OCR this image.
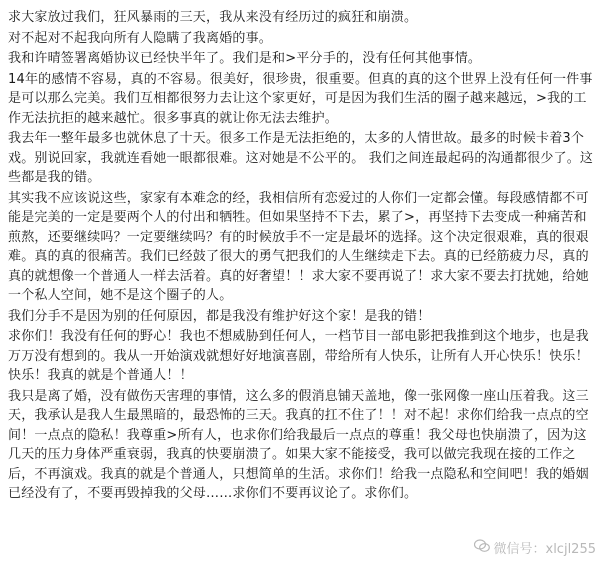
求大家放过我们，狂风暴雨的三天，我从来没有经历过的疯狂和崩溃。

对不起对不起我向所有人隐瞒了我离婚的事。

我和许晴签署离婚协议已经快半年了。我们是和>平分手的，没有任何其他事情。

14年的感情不容易，真的不容易。很美好，很珍贵，很重要。但真的真的这个世界上没有任何一件事是可以那么完美。我们互相都很努力去让这个家更好，可是因为我们生活的圈子越来越远，>我的工作无法抗拒的越来越忙。很多事真的就让你无法去维护。

我去年一整年最多也就休息了十天。很多工作是无法拒绝的，太多的人情世故。最多的时候卡着3个戏。别说回家，我就连看她一眼都很难。这对她是不公平的。 我们之间连最起码的沟通都很少了。这些都是我的错。

其实我不应该说这些，家家有本难念的经，我相信所有恋爱过的人你们一定都会懂。每段感情都不可能是完美的一定是要两个人的付出和牺牲。但如果坚持不下去，累了>，再坚持下去变成一种痛苦和煎熬，还要继续吗？一定要继续吗？有的时候放手不一定是最坏的选择。这个决定很艰难，真的很艰难。真的真的很痛苦。我们已经鼓了很大的勇气把我们的人生继续走下去。真的已经筋疲力尽，真的真的就想像一个普通人一样去活着。真的好奢望！！求大家不要再说了！求大家不要去打扰她，给她一个私人空间，她不是这个圈子的人。

我们分手不是因为别的任何原因，都是我没有维护好这个家！是我的错！

求你们！我没有任何的野心！我也不想威胁到任何人，一档节目一部电影把我推到这个地步，也是我万万没有想到的。我从一开始演戏就想好好地演喜剧，带给所有人快乐，让所有人开心快乐！快乐！快乐！我真的就是个普通人！！

我只是离了婚，没有做伤天害理的事情，这么多的假消息铺天盖地，像一张网像一座山压着我。这三天，我承认是我人生最黑暗的，最恐怖的三天。我真的扛不住了！！对不起！求你们给我一点点的空间！一点点的隐私！我尊重>所有人，也求你们给我最后一点点的尊重！我父母也快崩溃了，因为这几天的压力身体严重衰弱，我真的快要崩溃了。如果大家不能接受，我可以做完我现在接的工作之后，不再演戏。我真的就是个普通人，只想简单的生活。求你们！给我一点隐私和空间吧！我的婚姻已经没有了，不要再毁掉我的父母……求你们不要再议论了。求你们。

微信号：xlcjl255
